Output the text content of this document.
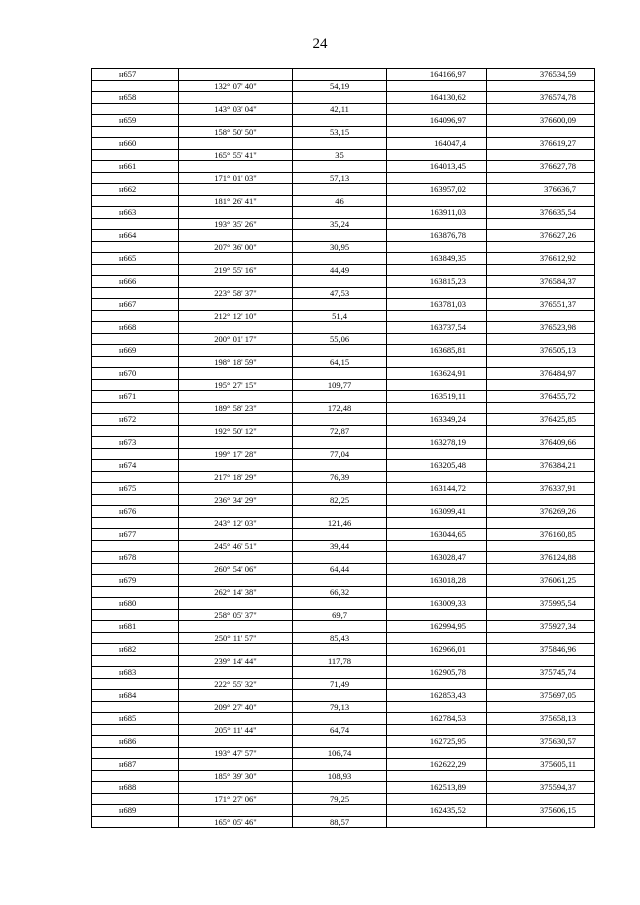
24
н657			164166,97	376534,59
	132° 07' 40"	54,19		
н658			164130,62	376574,78
	143° 03' 04"	42,11		
н659			164096,97	376600,09
	158° 50' 50"	53,15		
н660			164047,4	376619,27
	165° 55' 41"	35		
н661			164013,45	376627,78
	171° 01' 03"	57,13		
н662			163957,02	376636,7
	181° 26' 41"	46		
н663			163911,03	376635,54
	193° 35' 26"	35,24		
н664			163876,78	376627,26
	207° 36' 00"	30,95		
н665			163849,35	376612,92
	219° 55' 16"	44,49		
н666			163815,23	376584,37
	223° 58' 37"	47,53		
н667			163781,03	376551,37
	212° 12' 10"	51,4		
н668			163737,54	376523,98
	200° 01' 17"	55,06		
н669			163685,81	376505,13
	198° 18' 59"	64,15		
н670			163624,91	376484,97
	195° 27' 15"	109,77		
н671			163519,11	376455,72
	189° 58' 23"	172,48		
н672			163349,24	376425,85
	192° 50' 12"	72,87		
н673			163278,19	376409,66
	199° 17' 28"	77,04		
н674			163205,48	376384,21
	217° 18' 29"	76,39		
н675			163144,72	376337,91
	236° 34' 29"	82,25		
н676			163099,41	376269,26
	243° 12' 03"	121,46		
н677			163044,65	376160,85
	245° 46' 51"	39,44		
н678			163028,47	376124,88
	260° 54' 06"	64,44		
н679			163018,28	376061,25
	262° 14' 38"	66,32		
н680			163009,33	375995,54
	258° 05' 37"	69,7		
н681			162994,95	375927,34
	250° 11' 57"	85,43		
н682			162966,01	375846,96
	239° 14' 44"	117,78		
н683			162905,78	375745,74
	222° 55' 32"	71,49		
н684			162853,43	375697,05
	209° 27' 40"	79,13		
н685			162784,53	375658,13
	205° 11' 44"	64,74		
н686			162725,95	375630,57
	193° 47' 57"	106,74		
н687			162622,29	375605,11
	185° 39' 30"	108,93		
н688			162513,89	375594,37
	171° 27' 06"	79,25		
н689			162435,52	375606,15
	165° 05' 46"	88,57		
